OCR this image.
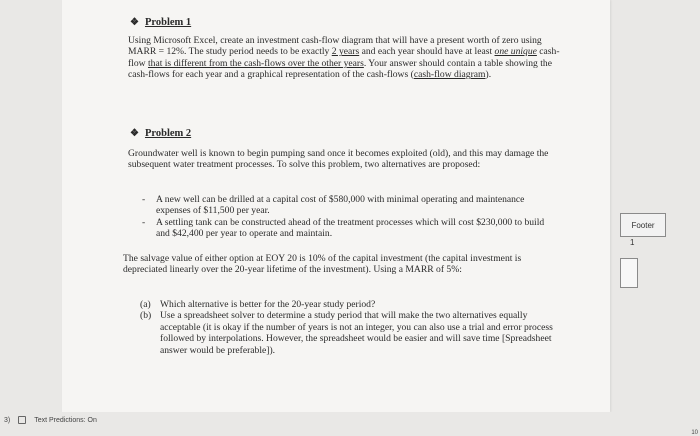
❖ Problem 1

Using Microsoft Excel, create an investment cash-flow diagram that will have a present worth of zero using MARR = 12%. The study period needs to be exactly 2 years and each year should have at least one unique cash-flow that is different from the cash-flows over the other years. Your answer should contain a table showing the cash-flows for each year and a graphical representation of the cash-flows (cash-flow diagram).

❖ Problem 2

Groundwater well is known to begin pumping sand once it becomes exploited (old), and this may damage the subsequent water treatment processes. To solve this problem, two alternatives are proposed:

-	A new well can be drilled at a capital cost of $580,000 with minimal operating and maintenance expenses of $11,500 per year.
-	A settling tank can be constructed ahead of the treatment processes which will cost $230,000 to build and $42,400 per year to operate and maintain.

The salvage value of either option at EOY 20 is 10% of the capital investment (the capital investment is depreciated linearly over the 20-year lifetime of the investment). Using a MARR of 5%:

(a) Which alternative is better for the 20-year study period?
(b) Use a spreadsheet solver to determine a study period that will make the two alternatives equally acceptable (it is okay if the number of years is not an integer, you can also use a trial and error process followed by interpolations. However, the spreadsheet would be easier and will save time [Spreadsheet answer would be preferable]).
Footer
1
3)	Text Predictions: On
10
